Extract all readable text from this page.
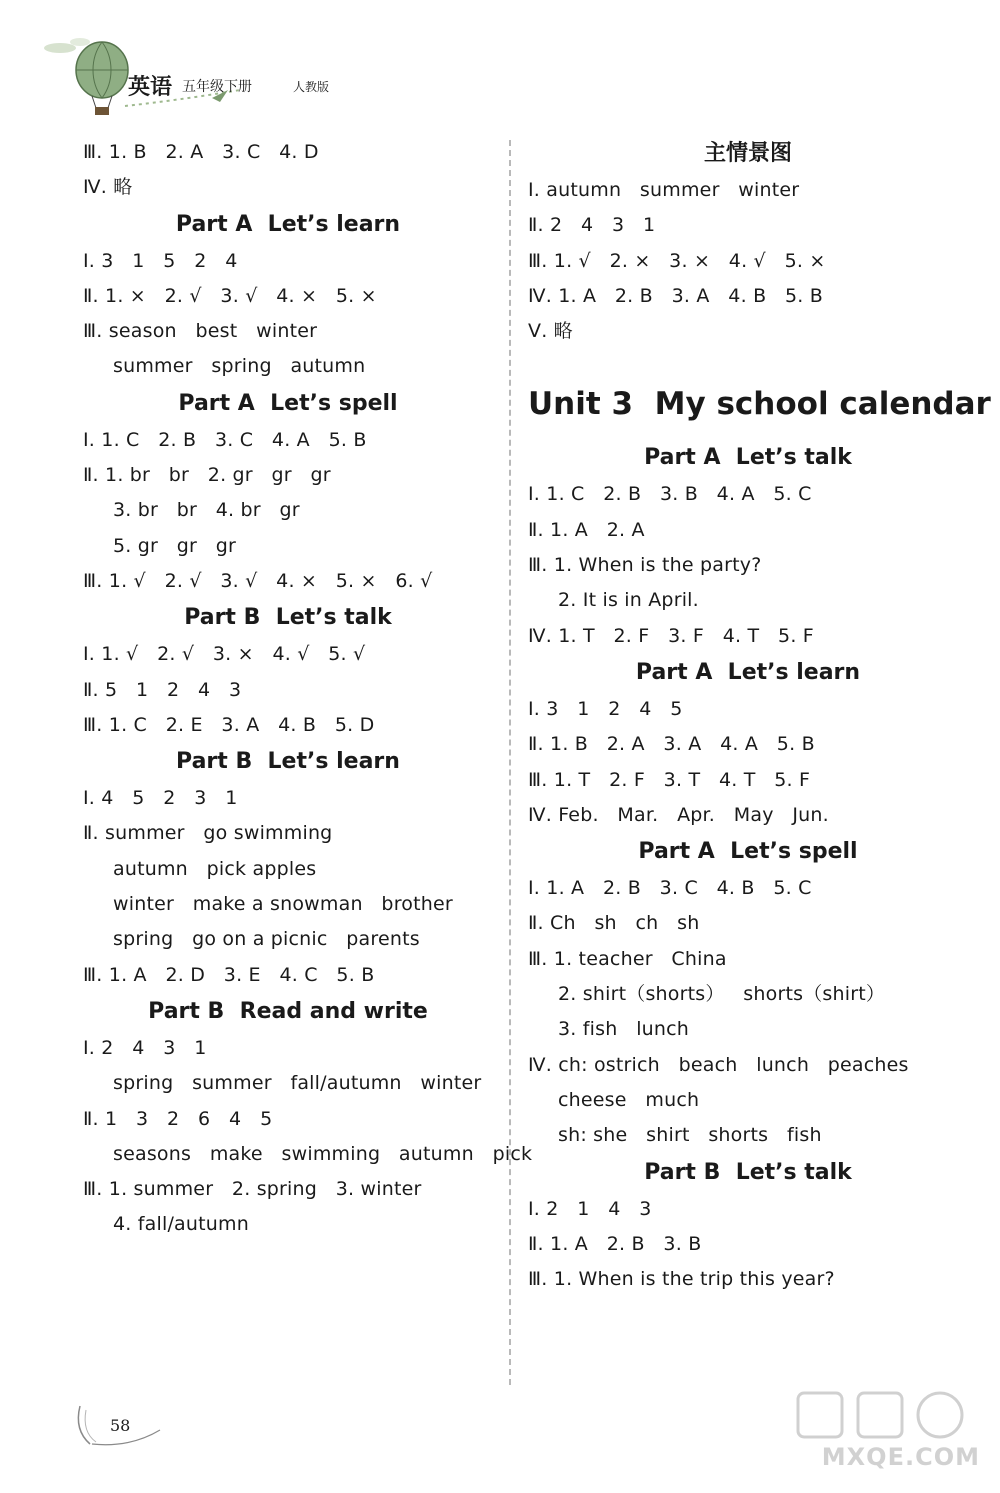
英语 五年级下册	人教版
Ⅲ. 1. B   2. A   3. C   4. D
Ⅳ. 略
Part A  Let’s learn
Ⅰ. 3   1   5   2   4
Ⅱ. 1. ×   2. √   3. √   4. ×   5. ×
Ⅲ. season   best   winter
summer   spring   autumn
Part A  Let’s spell
Ⅰ. 1. C   2. B   3. C   4. A   5. B
Ⅱ. 1. br   br   2. gr   gr   gr
3. br   br   4. br   gr
5. gr   gr   gr
Ⅲ. 1. √   2. √   3. √   4. ×   5. ×   6. √
Part B  Let’s talk
Ⅰ. 1. √   2. √   3. ×   4. √   5. √
Ⅱ. 5   1   2   4   3
Ⅲ. 1. C   2. E   3. A   4. B   5. D
Part B  Let’s learn
Ⅰ. 4   5   2   3   1
Ⅱ. summer   go swimming
autumn   pick apples
winter   make a snowman   brother
spring   go on a picnic   parents
Ⅲ. 1. A   2. D   3. E   4. C   5. B
Part B  Read and write
Ⅰ. 2   4   3   1
spring   summer   fall/autumn   winter
Ⅱ. 1   3   2   6   4   5
seasons   make   swimming   autumn   pick
Ⅲ. 1. summer   2. spring   3. winter
4. fall/autumn
主情景图
Ⅰ. autumn   summer   winter
Ⅱ. 2   4   3   1
Ⅲ. 1. √   2. ×   3. ×   4. √   5. ×
Ⅳ. 1. A   2. B   3. A   4. B   5. B
Ⅴ. 略
Unit 3  My school calendar
Part A  Let’s talk
Ⅰ. 1. C   2. B   3. B   4. A   5. C
Ⅱ. 1. A   2. A
Ⅲ. 1. When is the party?
2. It is in April.
Ⅳ. 1. T   2. F   3. F   4. T   5. F
Part A  Let’s learn
Ⅰ. 3   1   2   4   5
Ⅱ. 1. B   2. A   3. A   4. A   5. B
Ⅲ. 1. T   2. F   3. T   4. T   5. F
Ⅳ. Feb.   Mar.   Apr.   May   Jun.
Part A  Let’s spell
Ⅰ. 1. A   2. B   3. C   4. B   5. C
Ⅱ. Ch   sh   ch   sh
Ⅲ. 1. teacher   China
2. shirt（shorts）   shorts（shirt）
3. fish   lunch
Ⅳ. ch: ostrich   beach   lunch   peaches
cheese   much
sh: she   shirt   shorts   fish
Part B  Let’s talk
Ⅰ. 2   1   4   3
Ⅱ. 1. A   2. B   3. B
Ⅲ. 1. When is the trip this year?
58
MXQE.COM
